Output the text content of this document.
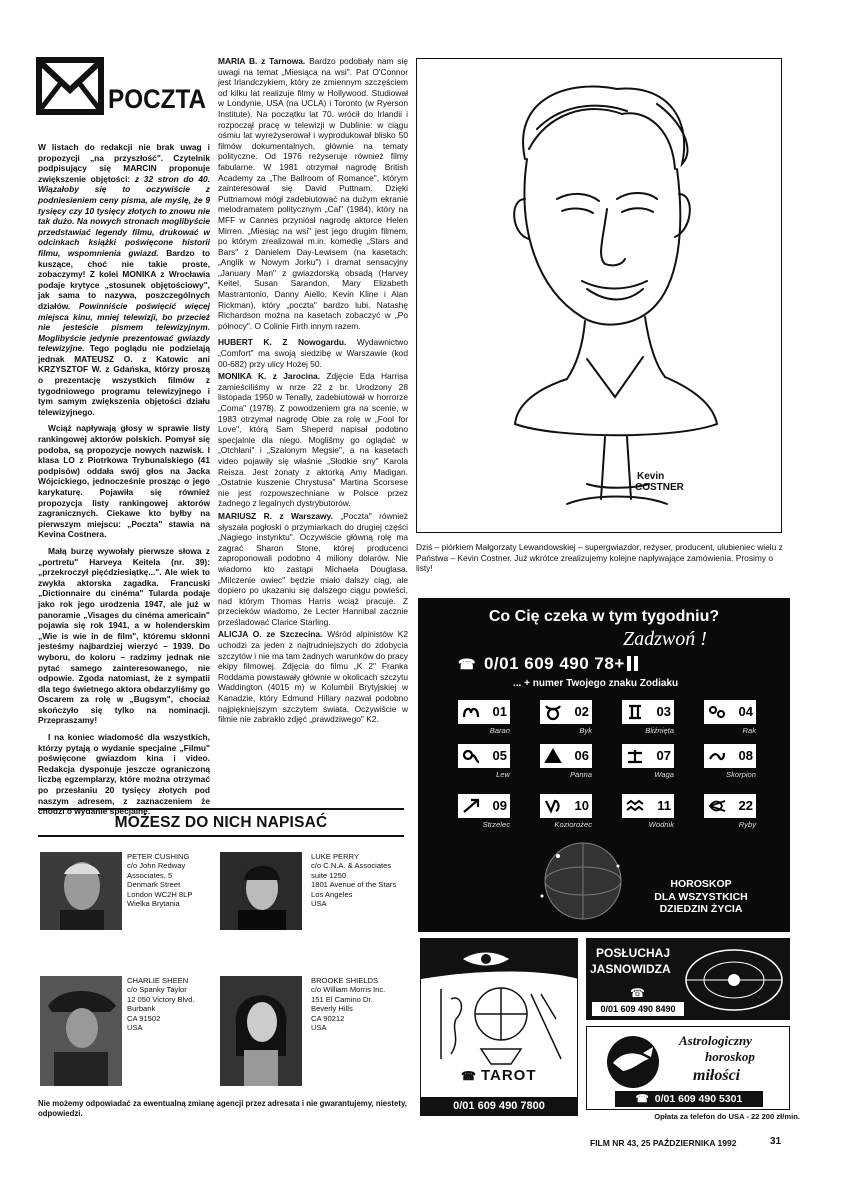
POCZTA

W listach do redakcji nie brak uwag i propozycji „na przyszłość". Czytelnik podpisujący się MARCIN proponuje zwiększenie objętości: z 32 stron do 40. Wiązałoby się to oczywiście z podniesieniem ceny pisma, ale myślę, że 9 tysięcy czy 10 tysięcy złotych to znowu nie tak dużo. Na nowych stronach moglibyście przedstawiać legendy filmu, drukować w odcinkach książki poświęcone historii filmu, wspomnienia gwiazd. Bardzo to kuszące, choć nie takie proste, zobaczymy! Z kolei MONIKA z Wrocławia podaje krytyce „stosunek objętościowy", jak sama to nazywa, poszczególnych działów. Powinniście poświęcić więcej miejsca kinu, mniej telewizji, bo przecież nie jesteście pismem telewizyjnym. Moglibyście jedynie prezentować gwiazdy telewizyjne. Tego poglądu nie podzielają jednak MATEUSZ O. z Katowic ani KRZYSZTOF W. z Gdańska, którzy proszą o prezentację wszystkich filmów z tygodniowego programu telewizyjnego i tym samym zwiększenia objętości działu telewizyjnego.

Wciąż napływają głosy w sprawie listy rankingowej aktorów polskich. Pomysł się podoba, są propozycje nowych nazwisk. I klasa LO z Piotrkowa Trybunalskiego (41 podpisów) oddała swój głos na Jacka Wójcickiego, jednocześnie prosząc o jego karykaturę. Pojawiła się również propozycja listy rankingowej aktorów zagranicznych. Ciekawe kto byłby na pierwszym miejscu: „Poczta" stawia na Kevina Costnera.

Małą burzę wywołały pierwsze słowa z „portretu" Harveya Keitela (nr. 39): „przekroczył pięćdziesiątkę...". Ale wiek to zwykła aktorska zagadka. Francuski „Dictionnaire du cinéma" Tularda podaje jako rok jego urodzenia 1947, ale już w panoramie „Visages du cinéma americain" pojawia się rok 1941, a w holenderskim „Wie is wie in de film", któremu skłonni jesteśmy najbardziej wierzyć – 1939. Do wyboru, do koloru – radzimy jednak nie pytać samego zainteresowanego, nie odpowie. Zgoda natomiast, że z sympatii dla tego świetnego aktora obdarzyliśmy go Oscarem za rolę w „Bugsym", chociaż skończyło się tylko na nominacji. Przepraszamy!

I na koniec wiadomość dla wszystkich, którzy pytają o wydanie specjalne „Filmu" poświęcone gwiazdom kina i video. Redakcja dysponuje jeszcze ograniczoną liczbą egzemplarzy, które można otrzymać po przesłaniu 20 tysięcy złotych pod naszym adresem, z zaznaczeniem że chodzi o wydanie specjalne.

MARIA B. z Tarnowa. Bardzo podobały nam się uwagi na temat „Miesiąca na wsi". Pat O'Connor jest Irlandczykiem, który ze zmiennym szczęściem od kilku lat realizuje filmy w Hollywood. Studiował w Londynie, USA (na UCLA) i Toronto (w Ryerson Institute). Na początku lat 70. wrócił do Irlandii i rozpoczął pracę w telewizji w Dublinie: w ciągu ośmiu lat wyreżyserował i wyprodukował blisko 50 filmów dokumentalnych, głównie na tematy polityczne. Od 1976 reżyseruje również filmy fabularne. W 1981 otrzymał nagrodę British Academy za „The Ballroom of Romance", którym zainteresował się David Puttnam. Dzięki Puttnamowi mógł zadebiutować na dużym ekranie melodramatem politycznym „Cal" (1984), który na MFF w Cannes przyniósł nagrodę aktorce Helen Mirren. „Miesiąc na wsi" jest jego drugim filmem, po którym zrealizował m.in. komedię „Stars and Bars" z Danielem Day-Lewisem (na kasetach: „Anglik w Nowym Jorku") i dramat sensacyjny „January Man" z gwiazdorską obsadą (Harvey Keitel, Susan Sarandon, Mary Elizabeth Mastrantonio, Danny Aiello, Kevin Kline i Alan Rickman), który „poczta" bardzo lubi. Natashę Richardson można na kasetach zobaczyć w „Po północy". O Colinie Firth innym razem.

HUBERT K. Z Nowogardu. Wydawnictwo „Comfort" ma swoją siedzibę w Warszawie (kod 00-682) przy ulicy Hożej 50.

MONIKA K. z Jarocina. Zdjęcie Eda Harrisa zamieściliśmy w nrze 22 z br. Urodzony 28 listopada 1950 w Tenally, zadebiutował w horrorze „Coma" (1978). Z powodzeniem gra na scenie, w 1983 otrzymał nagrodę Obie za rolę w „Fool for Love", którą Sam Sheperd napisał podobno specjalnie dla niego. Moglišmy go oglądać w „Otchłani" i „Szalonym Megsie", a na kasetach video pojawiły się właśnie „Słodkie sny" Karola Reisza. Jest żonaty z aktorką Amy Madigan. „Ostatnie kuszenie Chrystusa" Martina Scorsese nie jest rozpowszechniane w Polsce przez żadnego z legalnych dystrybutorów.

MARIUSZ R. z Warszawy. „Poczta" również słyszała pogłoski o przymiarkach do drugiej części „Nagiego instynktu". Oczywiście główną rolę ma zagrać Sharon Stone, której producenci zaproponowali podobno 4 miliony dolarów. Nie wiadomo kto zastąpi Michaela Douglasa. „Milczenie owiec" będzie miało dalszy ciąg, ale dopiero po ukazaniu się dalszego ciągu powieści, nad którym Thomas Harris wciąż pracuje. Z przecieków wiadomo, że Lecter Hannibal zacznie prześladować Clarice Starling.

ALICJA O. ze Szczecina. Wśród alpinistów K2 uchodzi za jeden z najtrudniejszych do zdobycia szczytów i nie ma tam żadnych warunków do pracy ekipy filmowej. Zdjęcia do filmu „K 2" Franka Roddama powstawały głównie w okolicach szczytu Waddington (4015 m) w Kolumbii Brytyjskiej w Kanadzie, który Edmund Hillary nazwał podobno najpiękniejszym szczytem świata. Oczywiście w filmie nie zabrakło zdjęć „prawdziwego" K2.

Kevin
COSTNER
Dziś – piórkiem Małgorzaty Lewandowskiej – supergwiazdor, reżyser, producent, ulubieniec wielu z Państwa – Kevin Costner. Już wkrótce zrealizujemy kolejne napływające zamówienia. Prosimy o listy!
MOŻESZ DO NICH NAPISAĆ
PETER CUSHING
c/o John Redway
Associates, 5
Denmark Street
London WC2H 8LP
Wielka Brytania
LUKE PERRY
c/o C.N.A. & Associates
suite 1250
1801 Avenue of the Stars
Los Angeles
USA
CHARLIE SHEEN
c/o Spanky Taylor
12 050 Victory Blvd.
Burbank
CA 91502
USA
BROOKE SHIELDS
c/o William Morris Inc.
151 El Camino Dr.
Beverly Hills
CA 90212
USA
Nie możemy odpowiadać za ewentualną zmianę agencji przez adresata i nie gwarantujemy, niestety, odpowiedzi.
Co Cię czeka w tym tygodniu?
Zadzwoń !
☎ 0/01 609 490 78+
... + numer Twojego znaku Zodiaku
01
Baran
02
Byk
03
Bliźnięta
04
Rak
05
Lew
06
Panna
07
Waga
08
Skorpion
09
Strzelec
10
Koziorożec
11
Wodnik
22
Ryby
HOROSKOP
DLA WSZYSTKICH
DZIEDZIN ŻYCIA
☎ TAROT
0/01 609 490 7800
POSŁUCHAJ
JASNOWIDZA
☎
0/01 609 490 8490
Astrologiczny
horoskop
miłości
☎ 0/01 609 490 5301
Opłata za telefon do USA - 22 200 zł/min.
FILM NR 43, 25 PAŹDZIERNIKA 1992	31
